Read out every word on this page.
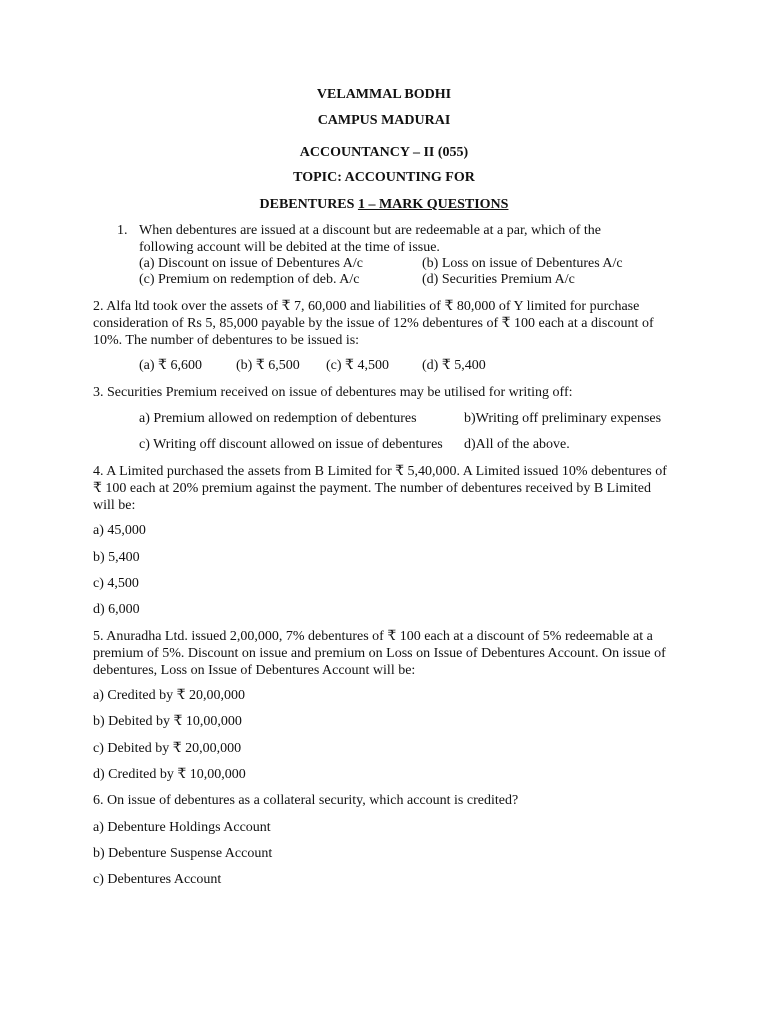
VELAMMAL BODHI
CAMPUS MADURAI
ACCOUNTANCY – II (055)
TOPIC: ACCOUNTING FOR
DEBENTURES 1 – MARK QUESTIONS
1. When debentures are issued at a discount but are redeemable at a par, which of the following account will be debited at the time of issue.
(a) Discount on issue of Debentures A/c	(b) Loss on issue of Debentures A/c
(c) Premium on redemption of deb. A/c	(d) Securities Premium A/c
2. Alfa ltd took over the assets of ₹ 7, 60,000 and liabilities of ₹ 80,000 of Y limited for purchase consideration of Rs 5, 85,000 payable by the issue of 12% debentures of ₹ 100 each at a discount of 10%. The number of debentures to be issued is:
(a) ₹ 6,600 (b) ₹ 6,500 (c) ₹ 4,500 (d) ₹ 5,400
3. Securities Premium received on issue of debentures may be utilised for writing off:
a) Premium allowed on redemption of debentures	b)Writing off preliminary expenses
c) Writing off discount allowed on issue of debentures d)All of the above.
4. A Limited purchased the assets from B Limited for ₹ 5,40,000. A Limited issued 10% debentures of ₹ 100 each at 20% premium against the payment. The number of debentures received by B Limited will be:
a) 45,000
b) 5,400
c) 4,500
d) 6,000
5. Anuradha Ltd. issued 2,00,000, 7% debentures of ₹ 100 each at a discount of 5% redeemable at a premium of 5%. Discount on issue and premium on Loss on Issue of Debentures Account. On issue of debentures, Loss on Issue of Debentures Account will be:
a) Credited by ₹ 20,00,000
b) Debited by ₹ 10,00,000
c) Debited by ₹ 20,00,000
d) Credited by ₹ 10,00,000
6. On issue of debentures as a collateral security, which account is credited?
a) Debenture Holdings Account
b) Debenture Suspense Account
c) Debentures Account
